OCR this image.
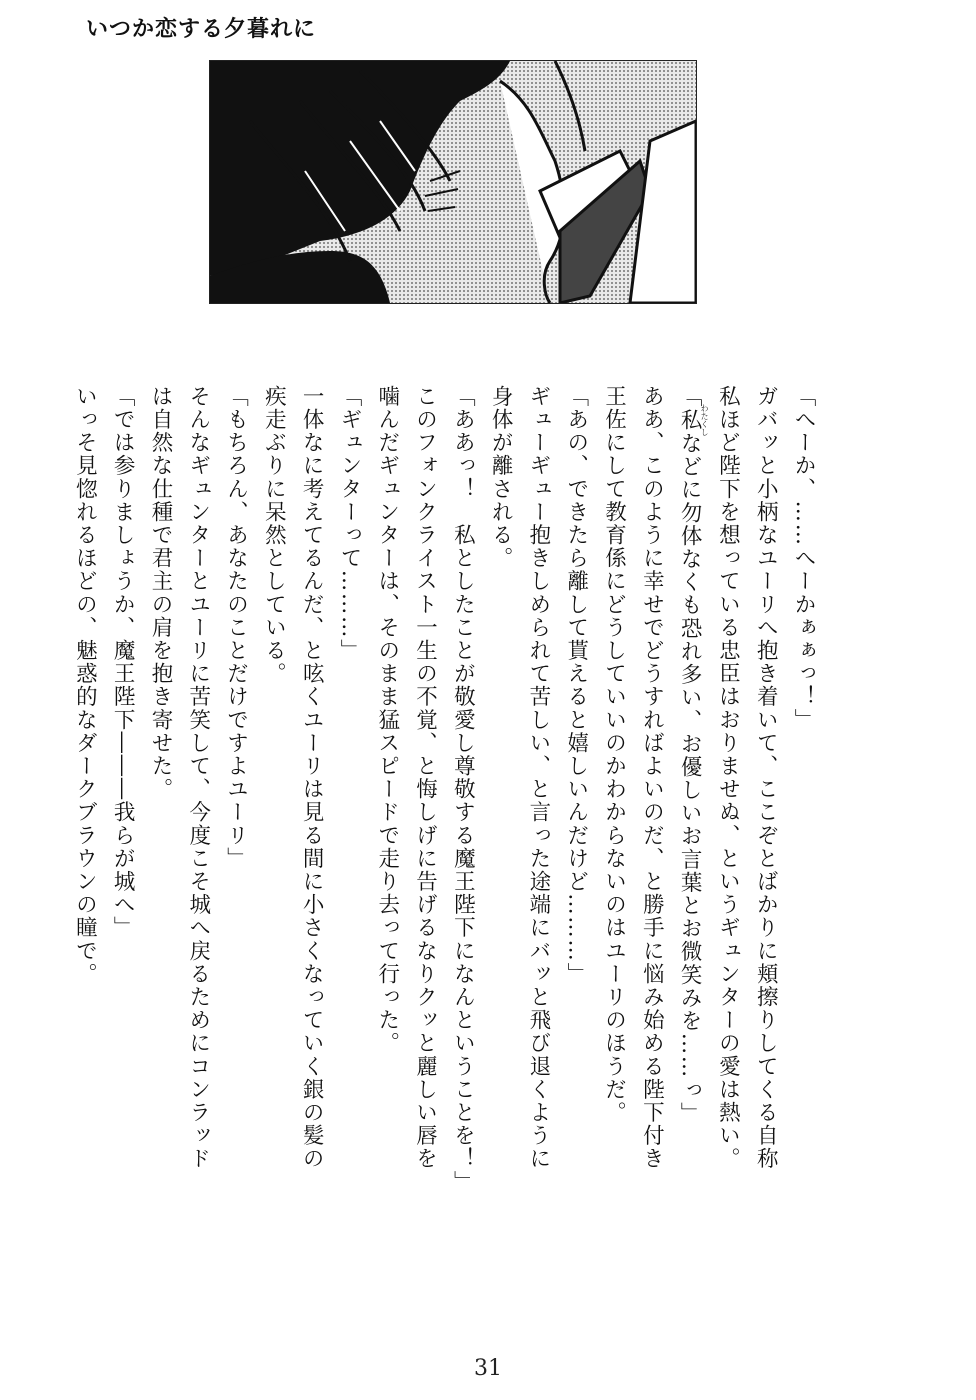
いつか恋する夕暮れに

「へーか、……へーかぁぁっ！」

ガバッと小柄なユーリへ抱き着いて、ここぞとばかりに頬擦りしてくる自称

私ほど陛下を想っている忠臣はおりませぬ、というギュンターの愛は熱い。

「私わたくしなどに勿体なくも恐れ多い、お優しいお言葉とお微笑みを……っ」

ああ、このように幸せでどうすればよいのだ、と勝手に悩み始める陛下付き

王佐にして教育係にどうしていいのかわからないのはユーリのほうだ。

「あの、できたら離して貰えると嬉しいんだけど………」

ギューギュー抱きしめられて苦しい、と言った途端にバッと飛び退くように

身体が離される。

「ああっ！　私としたことが敬愛し尊敬する魔王陛下になんということを！」

このフォンクライスト一生の不覚、と悔しげに告げるなりクッと麗しい唇を

噛んだギュンターは、そのまま猛スピードで走り去って行った。

「ギュンターって………」

一体なに考えてるんだ、と呟くユーリは見る間に小さくなっていく銀の髪の

疾走ぶりに呆然としている。

「もちろん、あなたのことだけですよユーリ」

そんなギュンターとユーリに苦笑して、今度こそ城へ戻るためにコンラッド

は自然な仕種で君主の肩を抱き寄せた。

「では参りましょうか、魔王陛下―――我らが城へ」

いっそ見惚れるほどの、魅惑的なダークブラウンの瞳で。

31
